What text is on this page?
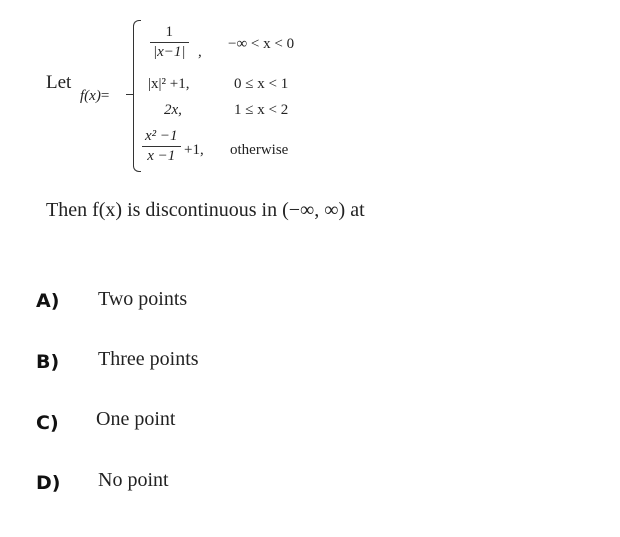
Let
f(x)=
1
|x−1| , −∞ < x < 0
|x|² +1,	0 ≤ x < 1
2x,	1 ≤ x < 2
x² −1
x −1 +1, otherwise
Then f(x) is discontinuous in (−∞, ∞) at
A) Two points
B) Three points
C) One point
D) No point
